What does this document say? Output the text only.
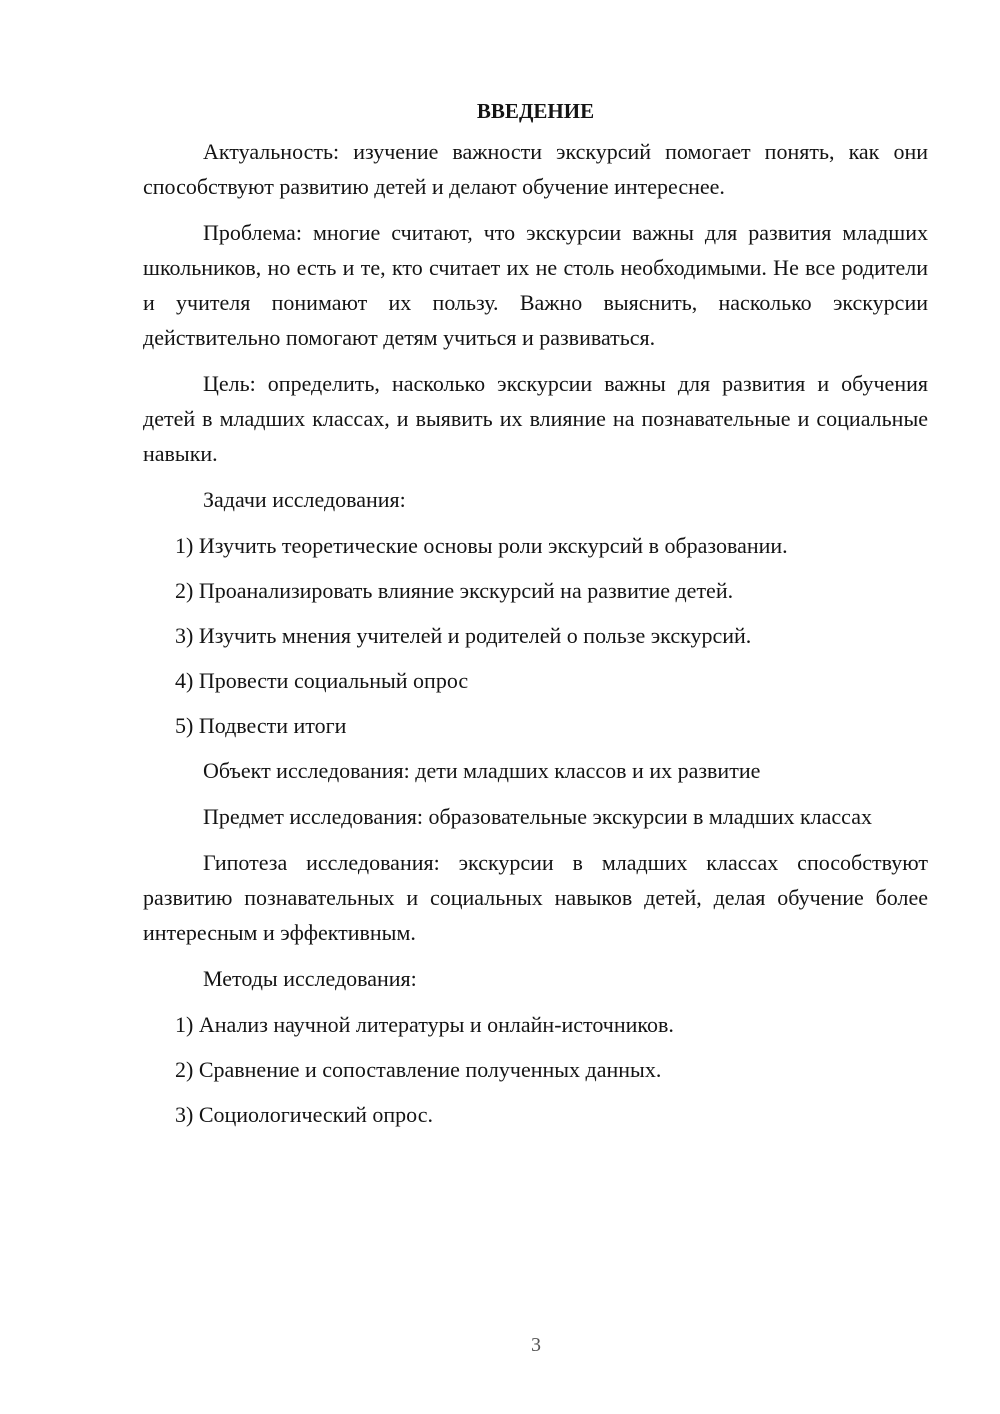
ВВЕДЕНИЕ

Актуальность: изучение важности экскурсий помогает понять, как они способствуют развитию детей и делают обучение интереснее.

Проблема: многие считают, что экскурсии важны для развития младших школьников, но есть и те, кто считает их не столь необходимыми. Не все родители и учителя понимают их пользу. Важно выяснить, насколько экскурсии действительно помогают детям учиться и развиваться.

Цель: определить, насколько экскурсии важны для развития и обучения детей в младших классах, и выявить их влияние на познавательные и социальные навыки.

Задачи исследования:

1) Изучить теоретические основы роли экскурсий в образовании.
2) Проанализировать влияние экскурсий на развитие детей.
3) Изучить мнения учителей и родителей о пользе экскурсий.
4) Провести социальный опрос
5) Подвести итоги

Объект исследования: дети младших классов и их развитие

Предмет исследования: образовательные экскурсии в младших классах

Гипотеза исследования: экскурсии в младших классах способствуют развитию познавательных и социальных навыков детей, делая обучение более интересным и эффективным.

Методы исследования:

1) Анализ научной литературы и онлайн-источников.
2) Сравнение и сопоставление полученных данных.
3) Социологический опрос.
3
